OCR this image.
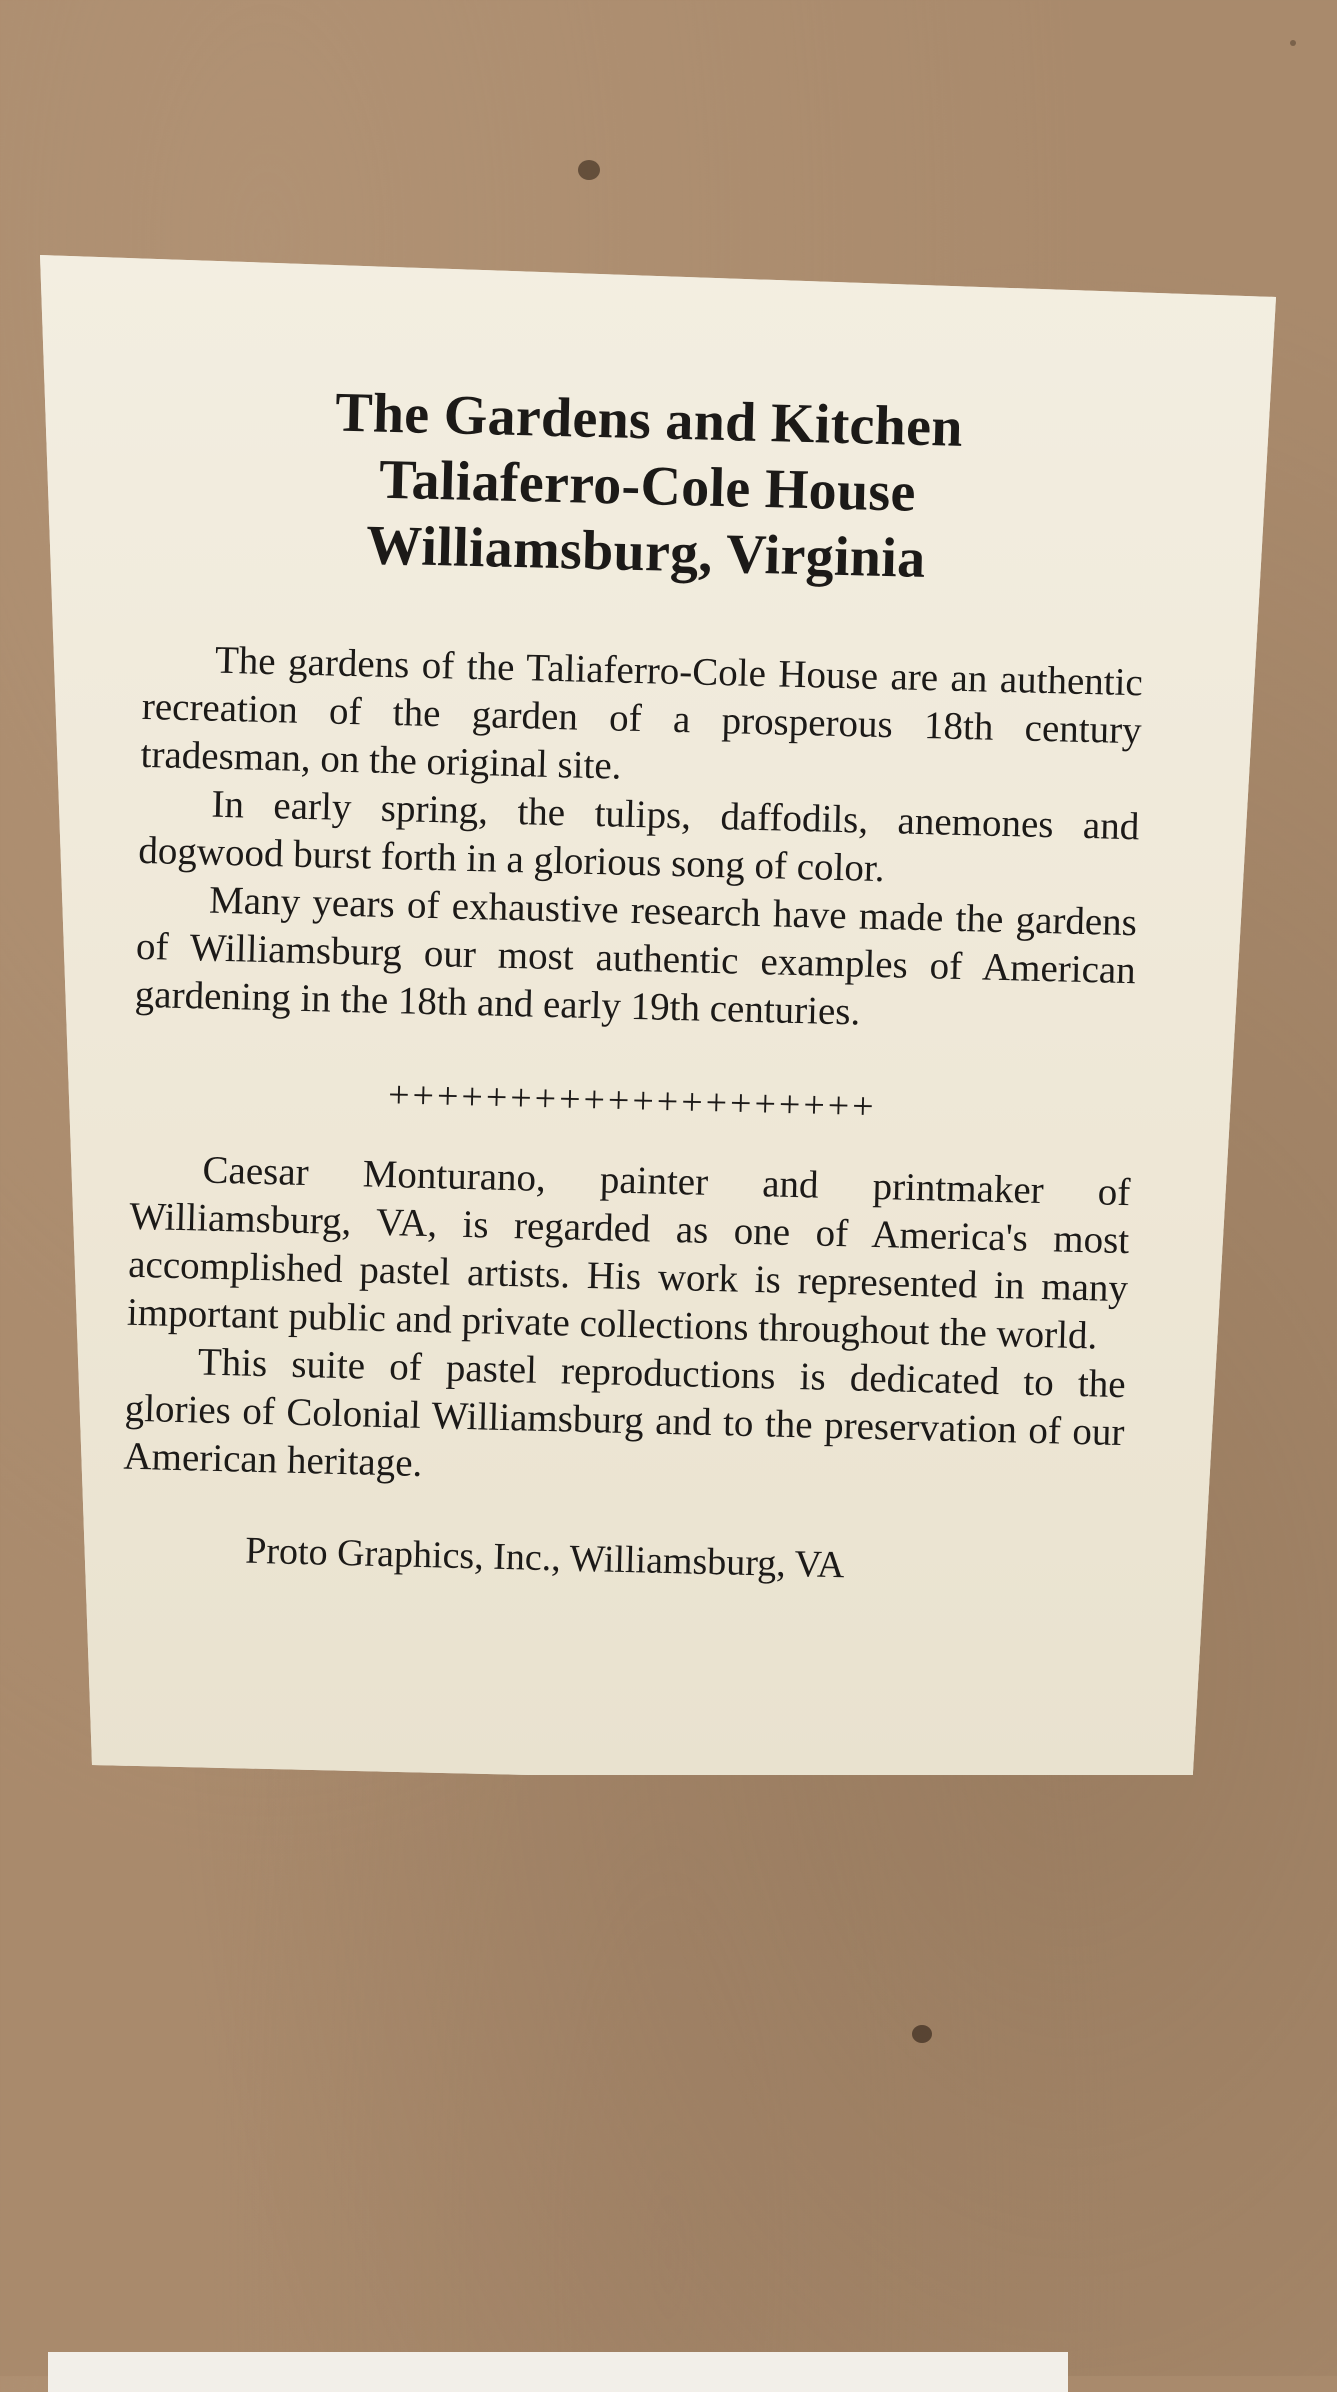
The Gardens and Kitchen
Taliaferro-Cole House
Williamsburg, Virginia

The gardens of the Taliaferro-Cole House are an authentic recreation of the garden of a prosperous 18th century tradesman, on the original site.

In early spring, the tulips, daffodils, anemones and dogwood burst forth in a glorious song of color.

Many years of exhaustive research have made the gardens of Williamsburg our most authentic examples of American gardening in the 18th and early 19th centuries.

++++++++++++++++++++

Caesar Monturano, painter and printmaker of Williamsburg, VA, is regarded as one of America's most accomplished pastel artists. His work is represented in many important public and private collections throughout the world.

This suite of pastel reproductions is dedicated to the glories of Colonial Williamsburg and to the preservation of our American heritage.

Proto Graphics, Inc., Williamsburg, VA
